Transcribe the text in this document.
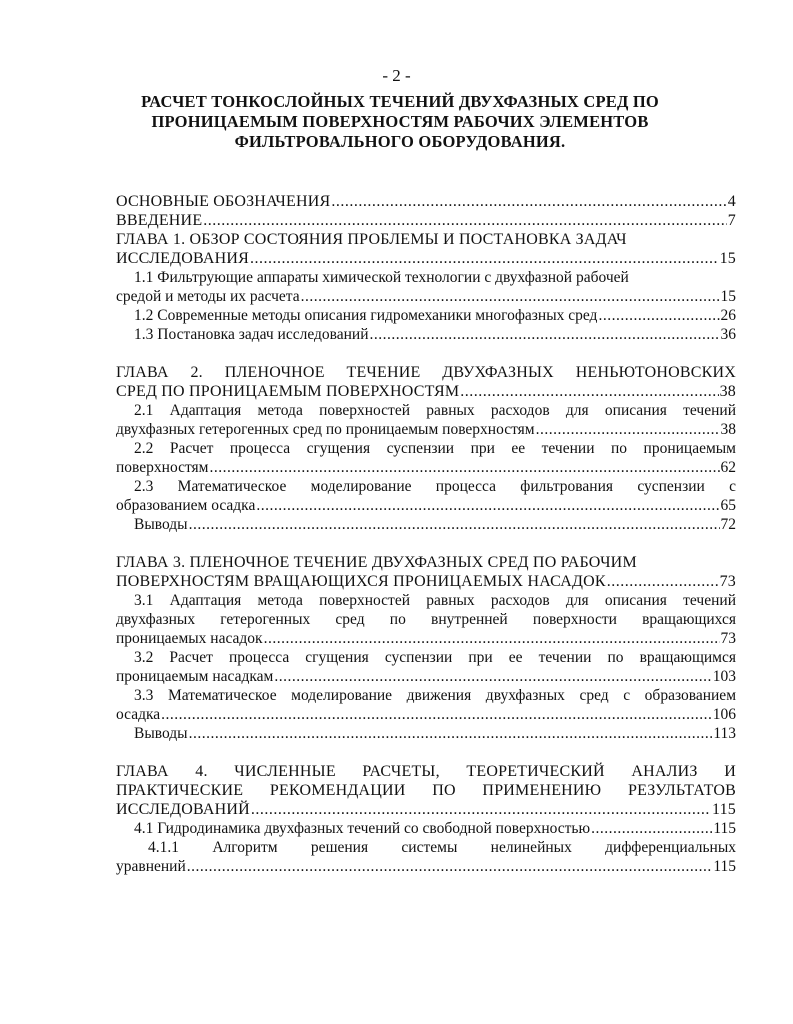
- 2 -
РАСЧЕТ ТОНКОСЛОЙНЫХ ТЕЧЕНИЙ ДВУХФАЗНЫХ СРЕД ПО
ПРОНИЦАЕМЫМ ПОВЕРХНОСТЯМ РАБОЧИХ ЭЛЕМЕНТОВ
ФИЛЬТРОВАЛЬНОГО ОБОРУДОВАНИЯ.
ОСНОВНЫЕ ОБОЗНАЧЕНИЯ .....	4
ВВЕДЕНИЕ .....	7
ГЛАВА 1. ОБЗОР СОСТОЯНИЯ ПРОБЛЕМЫ И ПОСТАНОВКА ЗАДАЧ
ИССЛЕДОВАНИЯ .....	15
1.1 Фильтрующие аппараты химической технологии с двухфазной рабочей
средой и методы их расчета .....	15
1.2 Современные методы описания гидромеханики многофазных сред .....	26
1.3 Постановка задач исследований .....	36
ГЛАВА 2. ПЛЕНОЧНОЕ ТЕЧЕНИЕ ДВУХФАЗНЫХ НЕНЬЮТОНОВСКИХ
СРЕД ПО ПРОНИЦАЕМЫМ ПОВЕРХНОСТЯМ .....	38
2.1 Адаптация метода поверхностей равных расходов для описания течений
двухфазных гетерогенных сред по проницаемым поверхностям .....	38
2.2 Расчет процесса сгущения суспензии при ее течении по проницаемым
поверхностям .....	62
2.3 Математическое моделирование процесса фильтрования суспензии с
образованием осадка .....	65
Выводы .....	72
ГЛАВА 3. ПЛЕНОЧНОЕ ТЕЧЕНИЕ ДВУХФАЗНЫХ СРЕД ПО РАБОЧИМ
ПОВЕРХНОСТЯМ ВРАЩАЮЩИХСЯ ПРОНИЦАЕМЫХ НАСАДОК .....	73
3.1 Адаптация метода поверхностей равных расходов для описания течений
двухфазных гетерогенных сред по внутренней поверхности вращающихся
проницаемых насадок .....	73
3.2 Расчет процесса сгущения суспензии при ее течении по вращающимся
проницаемым насадкам .....	103
3.3 Математическое моделирование движения двухфазных сред с образованием
осадка .....	106
Выводы .....	113
ГЛАВА 4. ЧИСЛЕННЫЕ РАСЧЕТЫ, ТЕОРЕТИЧЕСКИЙ АНАЛИЗ И
ПРАКТИЧЕСКИЕ РЕКОМЕНДАЦИИ ПО ПРИМЕНЕНИЮ РЕЗУЛЬТАТОВ
ИССЛЕДОВАНИЙ .....	115
4.1 Гидродинамика двухфазных течений со свободной поверхностью .....	115
4.1.1 Алгоритм решения системы нелинейных дифференциальных
уравнений .....	115
